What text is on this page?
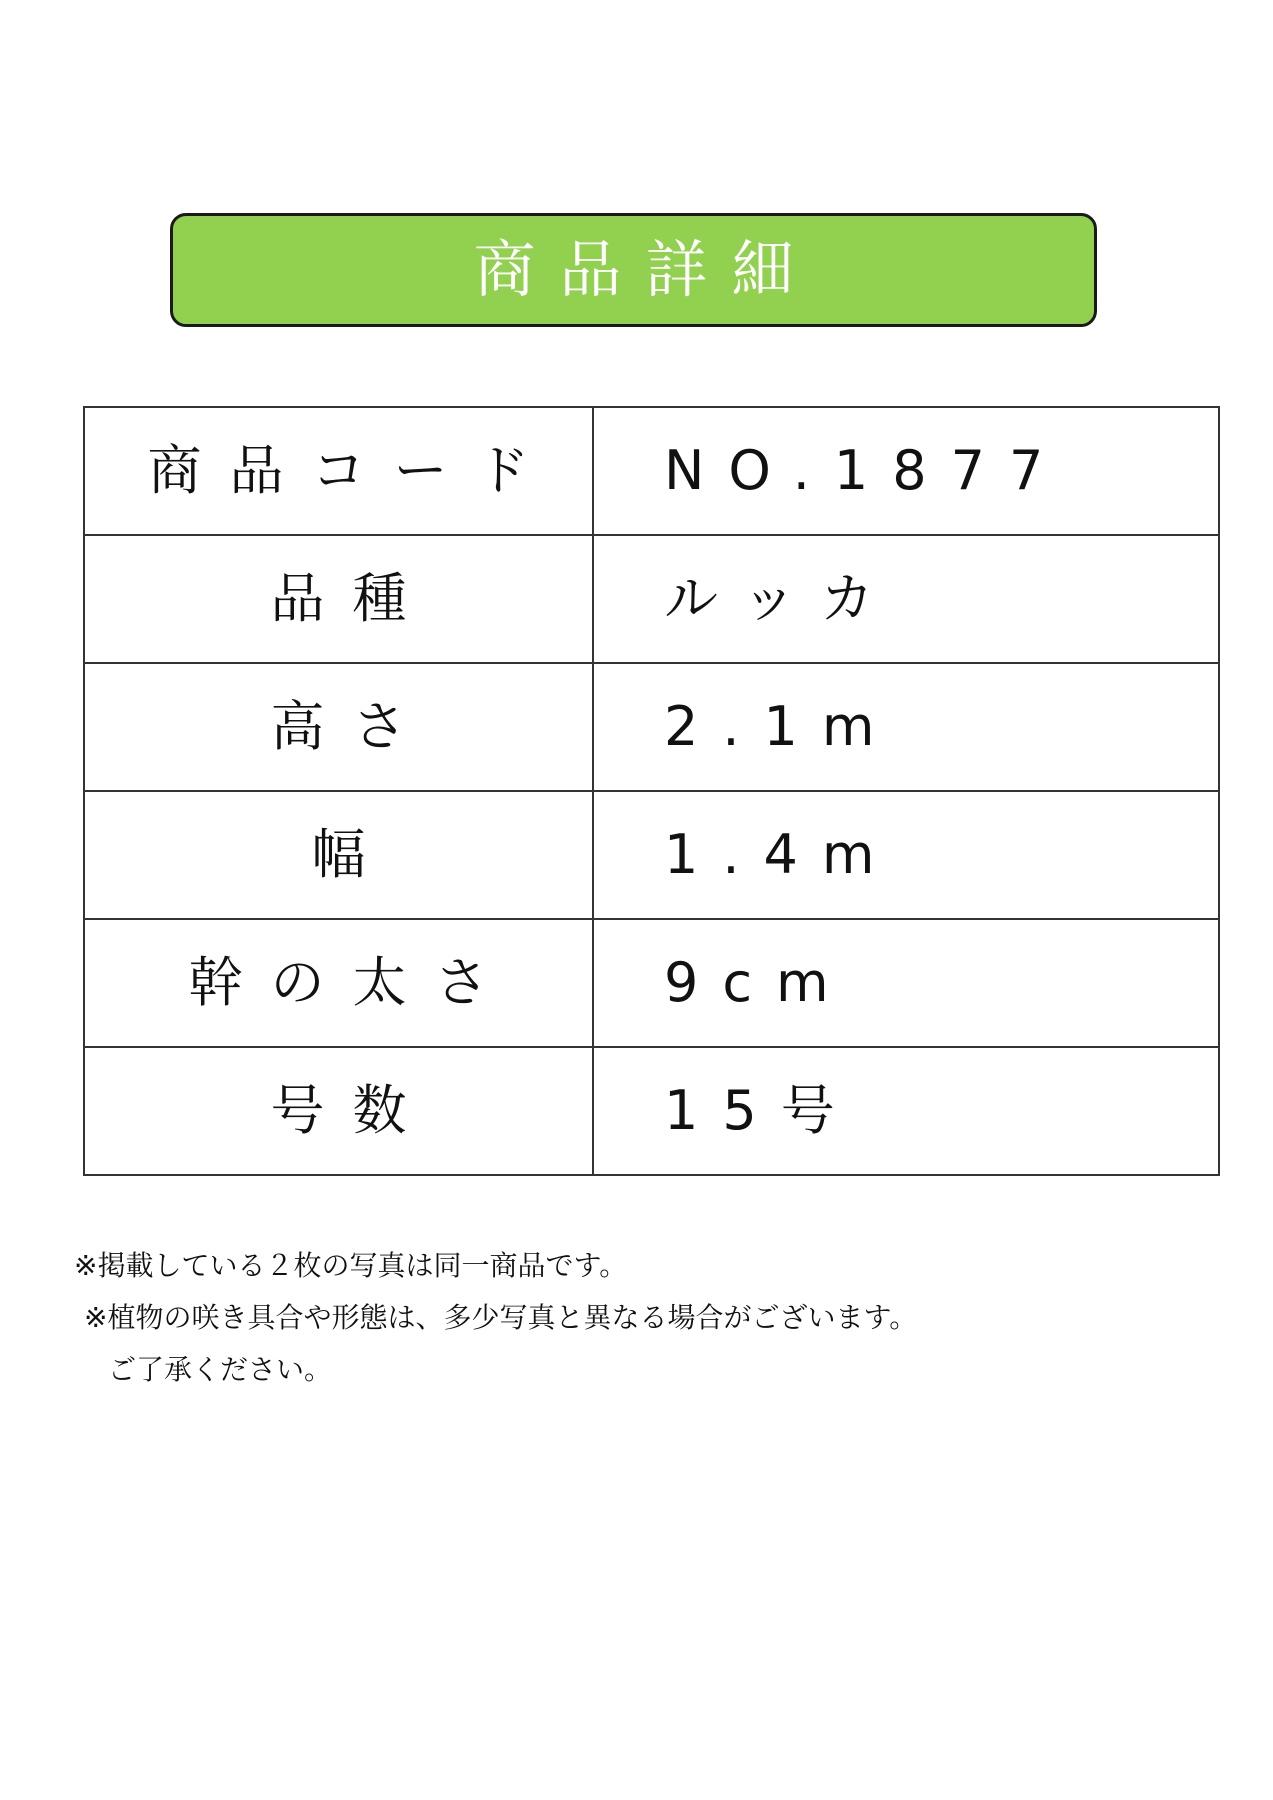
商品詳細
商品コード	NO.1877
品種	ルッカ
高さ	2.1m
幅	1.4m
幹の太さ	9cm
号数	15号
※掲載している２枚の写真は同一商品です。
※植物の咲き具合や形態は、多少写真と異なる場合がございます。
ご了承ください。
